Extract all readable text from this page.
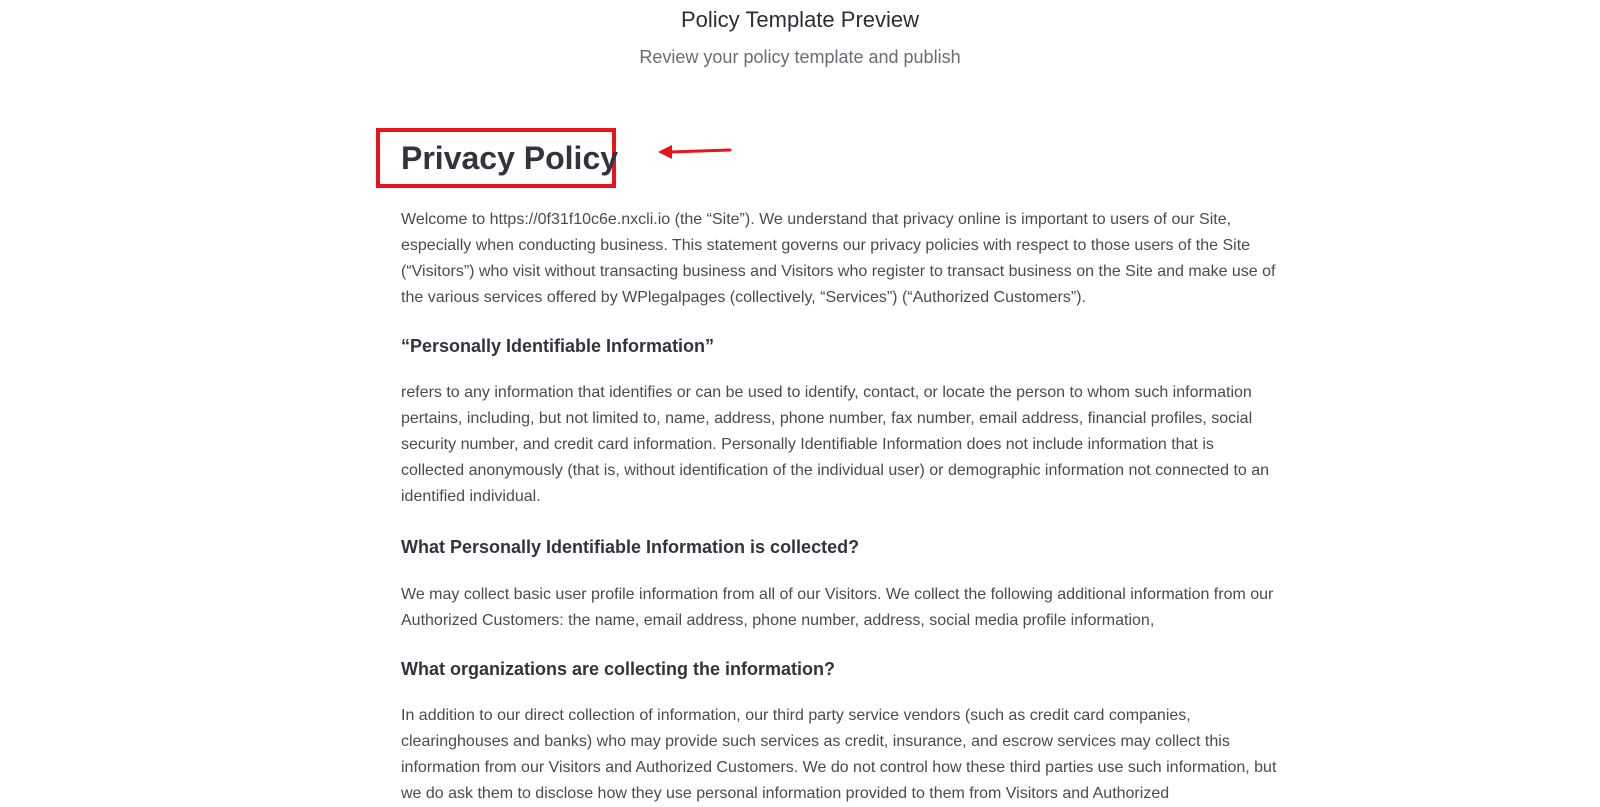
Policy Template Preview
Review your policy template and publish
Privacy Policy

Welcome to https://0f31f10c6e.nxcli.io (the “Site”). We understand that privacy online is important to users of our Site, especially when conducting business. This statement governs our privacy policies with respect to those users of the Site (“Visitors”) who visit without transacting business and Visitors who register to transact business on the Site and make use of the various services offered by WPlegalpages (collectively, “Services”) (“Authorized Customers”).

“Personally Identifiable Information”

refers to any information that identifies or can be used to identify, contact, or locate the person to whom such information pertains, including, but not limited to, name, address, phone number, fax number, email address, financial profiles, social security number, and credit card information. Personally Identifiable Information does not include information that is collected anonymously (that is, without identification of the individual user) or demographic information not connected to an identified individual.

What Personally Identifiable Information is collected?

We may collect basic user profile information from all of our Visitors. We collect the following additional information from our Authorized Customers: the name, email address, phone number, address, social media profile information,

What organizations are collecting the information?

In addition to our direct collection of information, our third party service vendors (such as credit card companies, clearinghouses and banks) who may provide such services as credit, insurance, and escrow services may collect this information from our Visitors and Authorized Customers. We do not control how these third parties use such information, but we do ask them to disclose how they use personal information provided to them from Visitors and Authorized
